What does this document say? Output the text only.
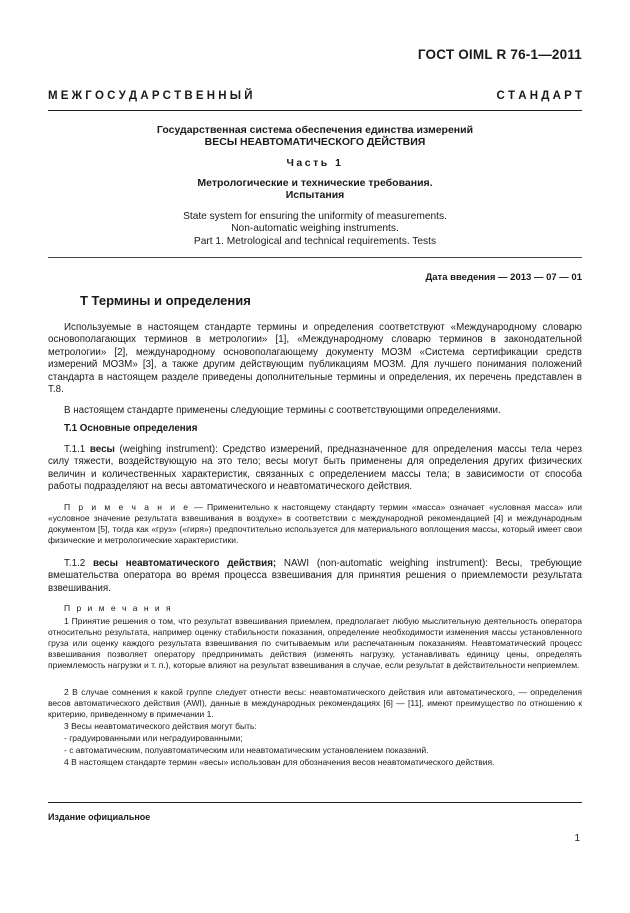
ГОСТ OIML R 76-1—2011
М Е Ж Г О С У Д А Р С Т В Е Н Н Ы Й	С Т А Н Д А Р Т
Государственная система обеспечения единства измерений
ВЕСЫ НЕАВТОМАТИЧЕСКОГО ДЕЙСТВИЯ
Часть 1
Метрологические и технические требования.
Испытания
State system for ensuring the uniformity of measurements.
Non-automatic weighing instruments.
Part 1. Metrological and technical requirements. Tests
Дата введения — 2013 — 07 — 01
Т Термины и определения

Используемые в настоящем стандарте термины и определения соответствуют «Международному словарю основополагающих терминов в метрологии» [1], «Международному словарю терминов в законодательной метрологии» [2], международному основополагающему документу МОЗМ «Система сертификации средств измерений МОЗМ» [3], а также другим действующим публикациям МОЗМ. Для лучшего понимания положений стандарта в настоящем разделе приведены дополнительные термины и определения, их перечень представлен в Т.8.

В настоящем стандарте применены следующие термины с соответствующими определениями.

Т.1 Основные определения

Т.1.1 весы (weighing instrument): Средство измерений, предназначенное для определения массы тела через силу тяжести, воздействующую на это тело; весы могут быть применены для определения других физических величин и количественных характеристик, связанных с определением массы тела; в зависимости от способа работы подразделяют на весы автоматического и неавтоматического действия.

П р и м е ч а н и е — Применительно к настоящему стандарту термин «масса» означает «условная масса» или «условное значение результата взвешивания в воздухе» в соответствии с международной рекомендацией [4] и международным документом [5], тогда как «груз» («гиря») предпочтительно используется для материального воплощения массы, который имеет свои физические и метрологические характеристики.

Т.1.2 весы неавтоматического действия; NAWI (non-automatic weighing instrument): Весы, требующие вмешательства оператора во время процесса взвешивания для принятия решения о приемлемости результата взвешивания.

П р и м е ч а н и я

1 Принятие решения о том, что результат взвешивания приемлем, предполагает любую мыслительную деятельность оператора относительно результата, например оценку стабильности показания, определение необходимости изменения массы установленного груза или оценку каждого результата взвешивания по считываемым или распечатанным показаниям. Неавтоматический процесс взвешивания позволяет оператору предпринимать действия (изменять нагрузку, устанавливать единицу цены, определять приемлемость нагрузки и т. п.), которые влияют на результат взвешивания в случае, если результат в действительности неприемлем.

2 В случае сомнения к какой группе следует отнести весы: неавтоматического действия или автоматического, — определения весов автоматического действия (AWI), данные в международных рекомендациях [6] — [11], имеют преимущество по отношению к критерию, приведенному в примечании 1.

3 Весы неавтоматического действия могут быть:

- градуированными или неградуированными;

- с автоматическим, полуавтоматическим или неавтоматическим установлением показаний.

4 В настоящем стандарте термин «весы» использован для обозначения весов неавтоматического действия.

Издание официальное
1
